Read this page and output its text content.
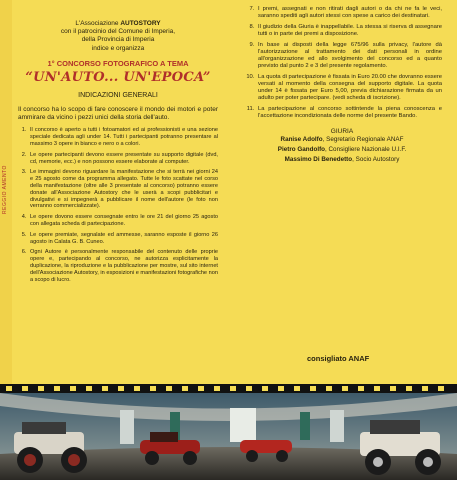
REGGIO AMENTO
L'Associazione AUTOSTORY
con il patrocinio del Comune di Imperia,
della Provincia di Imperia
indice e organizza
1° CONCORSO FOTOGRAFICO A TEMA
“UN'AUTO... UN'EPOCA”
INDICAZIONI GENERALI
Il concorso ha lo scopo di fare conoscere il mondo dei motori e poter ammirare da vicino i pezzi unici della storia dell'auto.
1. Il concorso è aperto a tutti i fotoamatori ed ai professionisti e una sezione speciale dedicata agli under 14. Tutti i partecipanti potranno presentare al massimo 3 opere in bianco e nero o a colori.
2. Le opere partecipanti devono essere presentate su supporto digitale (dvd, cd, memorie, ecc.) e non possono essere elaborate al computer.
3. Le immagini devono riguardare la manifestazione che si terrà nei giorni 24 e 25 agosto come da programma allegato. Tutte le foto scattate nel corso della manifestazione (oltre alle 3 presentate al concorso) potranno essere donate all'Associazione Autostory che le userà a scopi pubblicitari e divulgativi e si impegnerà a pubblicare il nome dell'autore (le foto non verranno commercializzate).
4. Le opere dovono essere consegnate entro le ore 21 del giorno 25 agosto con allegata scheda di partecipazione.
5. Le opere premiate, segnalate ed ammesse, saranno esposte il giorno 26 agosto in Calata G. B. Cuneo.
6. Ogni Autore è personalmente responsabile del contenuto delle proprie opere e, partecipando al concorso, ne autorizza esplicitamente la duplicazione, la riproduzione e la pubblicazione per mostre, sul sito internet dell'Associazione Autostory, in esposizioni e manifestazioni fotografiche non a scopo di lucro.
7. I premi, assegnati e non ritirati dagli autori o da chi ne fa le veci, saranno spediti agli autori stessi con spese a carico dei destinatari.
8. Il giudizio della Giuria è inappellabile. La stessa si riserva di assegnare tutti o in parte dei premi a disposizione.
9. In base ai disposti della legge 675/96 sulla privacy, l'autore dà l'autorizzazione al trattamento dei dati personali in ordine all'organizzazione ed allo svolgimento del concorso ed a quanto previsto dal punto 2 e 3 del presente regolamento.
10. La quota di partecipazione è fissata in Euro 20.00 che dovranno essere versati al momento della consegna del supporto digitale. La quota under 14 è fissata per Euro 5,00, previa dichiarazione firmata da un adulto per poter partecipare. (vedi scheda di iscrizione).
11. La partecipazione al concorso sottintende la piena conoscenza e l'accettazione incondizionata delle norme del presente Bando.
GIURIA
Ranise Adolfo, Segretario Regionale ANAF
Pietro Gandolfo, Consigliere Nazionale U.I.F.
Massimo Di Benedetto, Socio Autostory
consigliato ANAF
